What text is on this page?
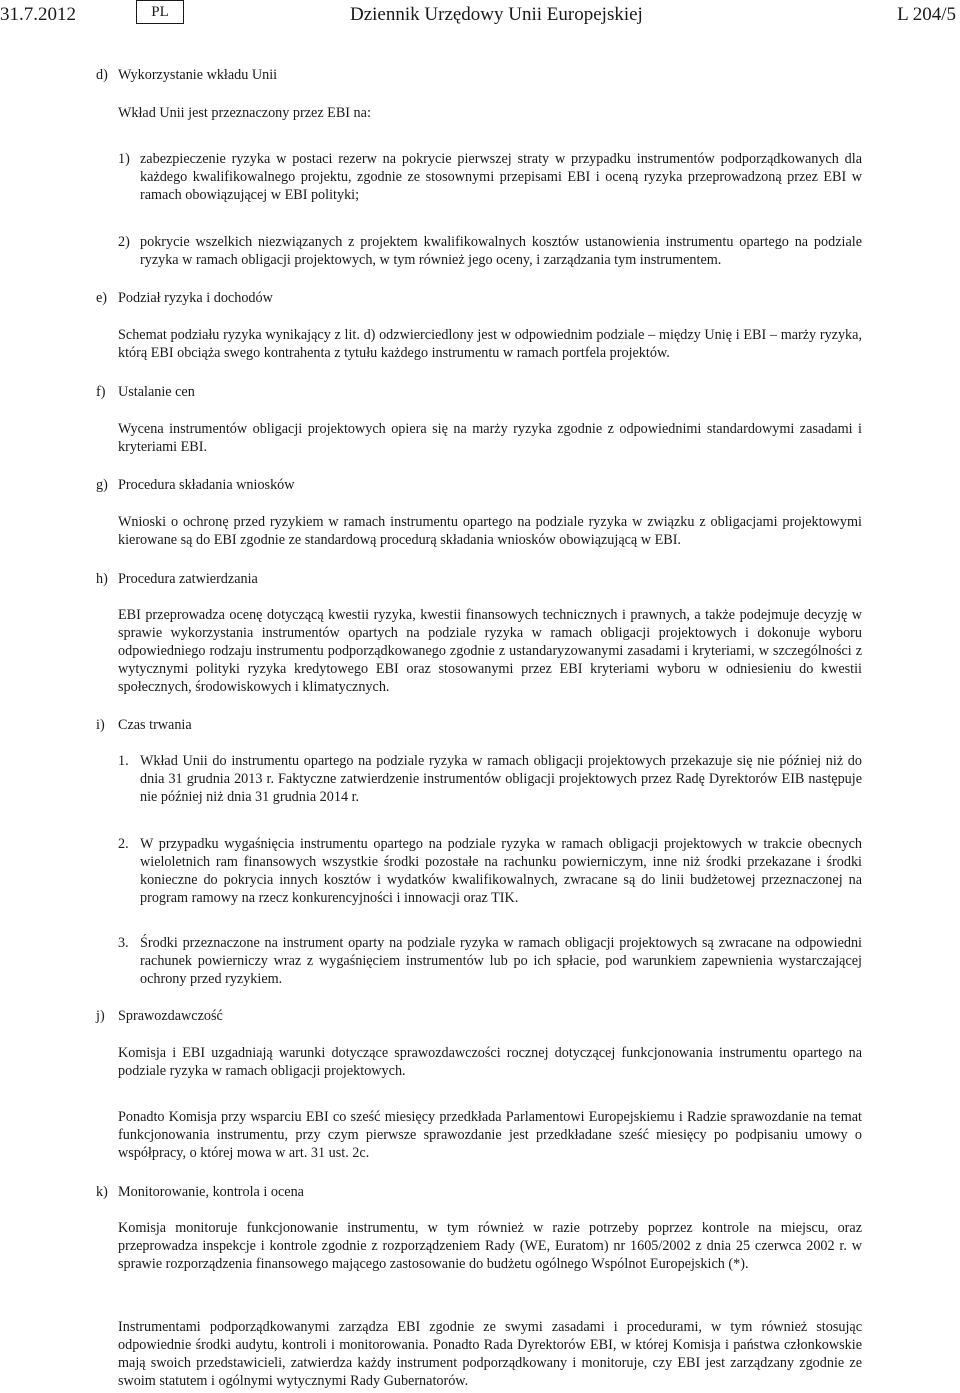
31.7.2012	PL	Dziennik Urzędowy Unii Europejskiej	L 204/5
d) Wykorzystanie wkładu Unii
Wkład Unii jest przeznaczony przez EBI na:
1) zabezpieczenie ryzyka w postaci rezerw na pokrycie pierwszej straty w przypadku instrumentów podporządkowanych dla każdego kwalifikowalnego projektu, zgodnie ze stosownymi przepisami EBI i oceną ryzyka przeprowadzoną przez EBI w ramach obowiązującej w EBI polityki;
2) pokrycie wszelkich niezwiązanych z projektem kwalifikowalnych kosztów ustanowienia instrumentu opartego na podziale ryzyka w ramach obligacji projektowych, w tym również jego oceny, i zarządzania tym instrumentem.
e) Podział ryzyka i dochodów
Schemat podziału ryzyka wynikający z lit. d) odzwierciedlony jest w odpowiednim podziale – między Unię i EBI – marży ryzyka, którą EBI obciąża swego kontrahenta z tytułu każdego instrumentu w ramach portfela projektów.
f) Ustalanie cen
Wycena instrumentów obligacji projektowych opiera się na marży ryzyka zgodnie z odpowiednimi standardowymi zasadami i kryteriami EBI.
g) Procedura składania wniosków
Wnioski o ochronę przed ryzykiem w ramach instrumentu opartego na podziale ryzyka w związku z obligacjami projektowymi kierowane są do EBI zgodnie ze standardową procedurą składania wniosków obowiązującą w EBI.
h) Procedura zatwierdzania
EBI przeprowadza ocenę dotyczącą kwestii ryzyka, kwestii finansowych technicznych i prawnych, a także podejmuje decyzję w sprawie wykorzystania instrumentów opartych na podziale ryzyka w ramach obligacji projektowych i dokonuje wyboru odpowiedniego rodzaju instrumentu podporządkowanego zgodnie z ustandaryzowanymi zasadami i kryteriami, w szczególności z wytycznymi polityki ryzyka kredytowego EBI oraz stosowanymi przez EBI kryteriami wyboru w odniesieniu do kwestii społecznych, środowiskowych i klimatycznych.
i) Czas trwania
1. Wkład Unii do instrumentu opartego na podziale ryzyka w ramach obligacji projektowych przekazuje się nie później niż do dnia 31 grudnia 2013 r. Faktyczne zatwierdzenie instrumentów obligacji projektowych przez Radę Dyrektorów EIB następuje nie później niż dnia 31 grudnia 2014 r.
2. W przypadku wygaśnięcia instrumentu opartego na podziale ryzyka w ramach obligacji projektowych w trakcie obecnych wieloletnich ram finansowych wszystkie środki pozostałe na rachunku powierniczym, inne niż środki przekazane i środki konieczne do pokrycia innych kosztów i wydatków kwalifikowalnych, zwracane są do linii budżetowej przeznaczonej na program ramowy na rzecz konkurencyjności i innowacji oraz TIK.
3. Środki przeznaczone na instrument oparty na podziale ryzyka w ramach obligacji projektowych są zwracane na odpowiedni rachunek powierniczy wraz z wygaśnięciem instrumentów lub po ich spłacie, pod warunkiem zapewnienia wystarczającej ochrony przed ryzykiem.
j) Sprawozdawczość
Komisja i EBI uzgadniają warunki dotyczące sprawozdawczości rocznej dotyczącej funkcjonowania instrumentu opartego na podziale ryzyka w ramach obligacji projektowych.
Ponadto Komisja przy wsparciu EBI co sześć miesięcy przedkłada Parlamentowi Europejskiemu i Radzie sprawozdanie na temat funkcjonowania instrumentu, przy czym pierwsze sprawozdanie jest przedkładane sześć miesięcy po podpisaniu umowy o współpracy, o której mowa w art. 31 ust. 2c.
k) Monitorowanie, kontrola i ocena
Komisja monitoruje funkcjonowanie instrumentu, w tym również w razie potrzeby poprzez kontrole na miejscu, oraz przeprowadza inspekcje i kontrole zgodnie z rozporządzeniem Rady (WE, Euratom) nr 1605/2002 z dnia 25 czerwca 2002 r. w sprawie rozporządzenia finansowego mającego zastosowanie do budżetu ogólnego Wspólnot Europejskich (*).
Instrumentami podporządkowanymi zarządza EBI zgodnie ze swymi zasadami i procedurami, w tym również stosując odpowiednie środki audytu, kontroli i monitorowania. Ponadto Rada Dyrektorów EBI, w której Komisja i państwa członkowskie mają swoich przedstawicieli, zatwierdza każdy instrument podporządkowany i monitoruje, czy EBI jest zarządzany zgodnie ze swoim statutem i ogólnymi wytycznymi Rady Gubernatorów.
